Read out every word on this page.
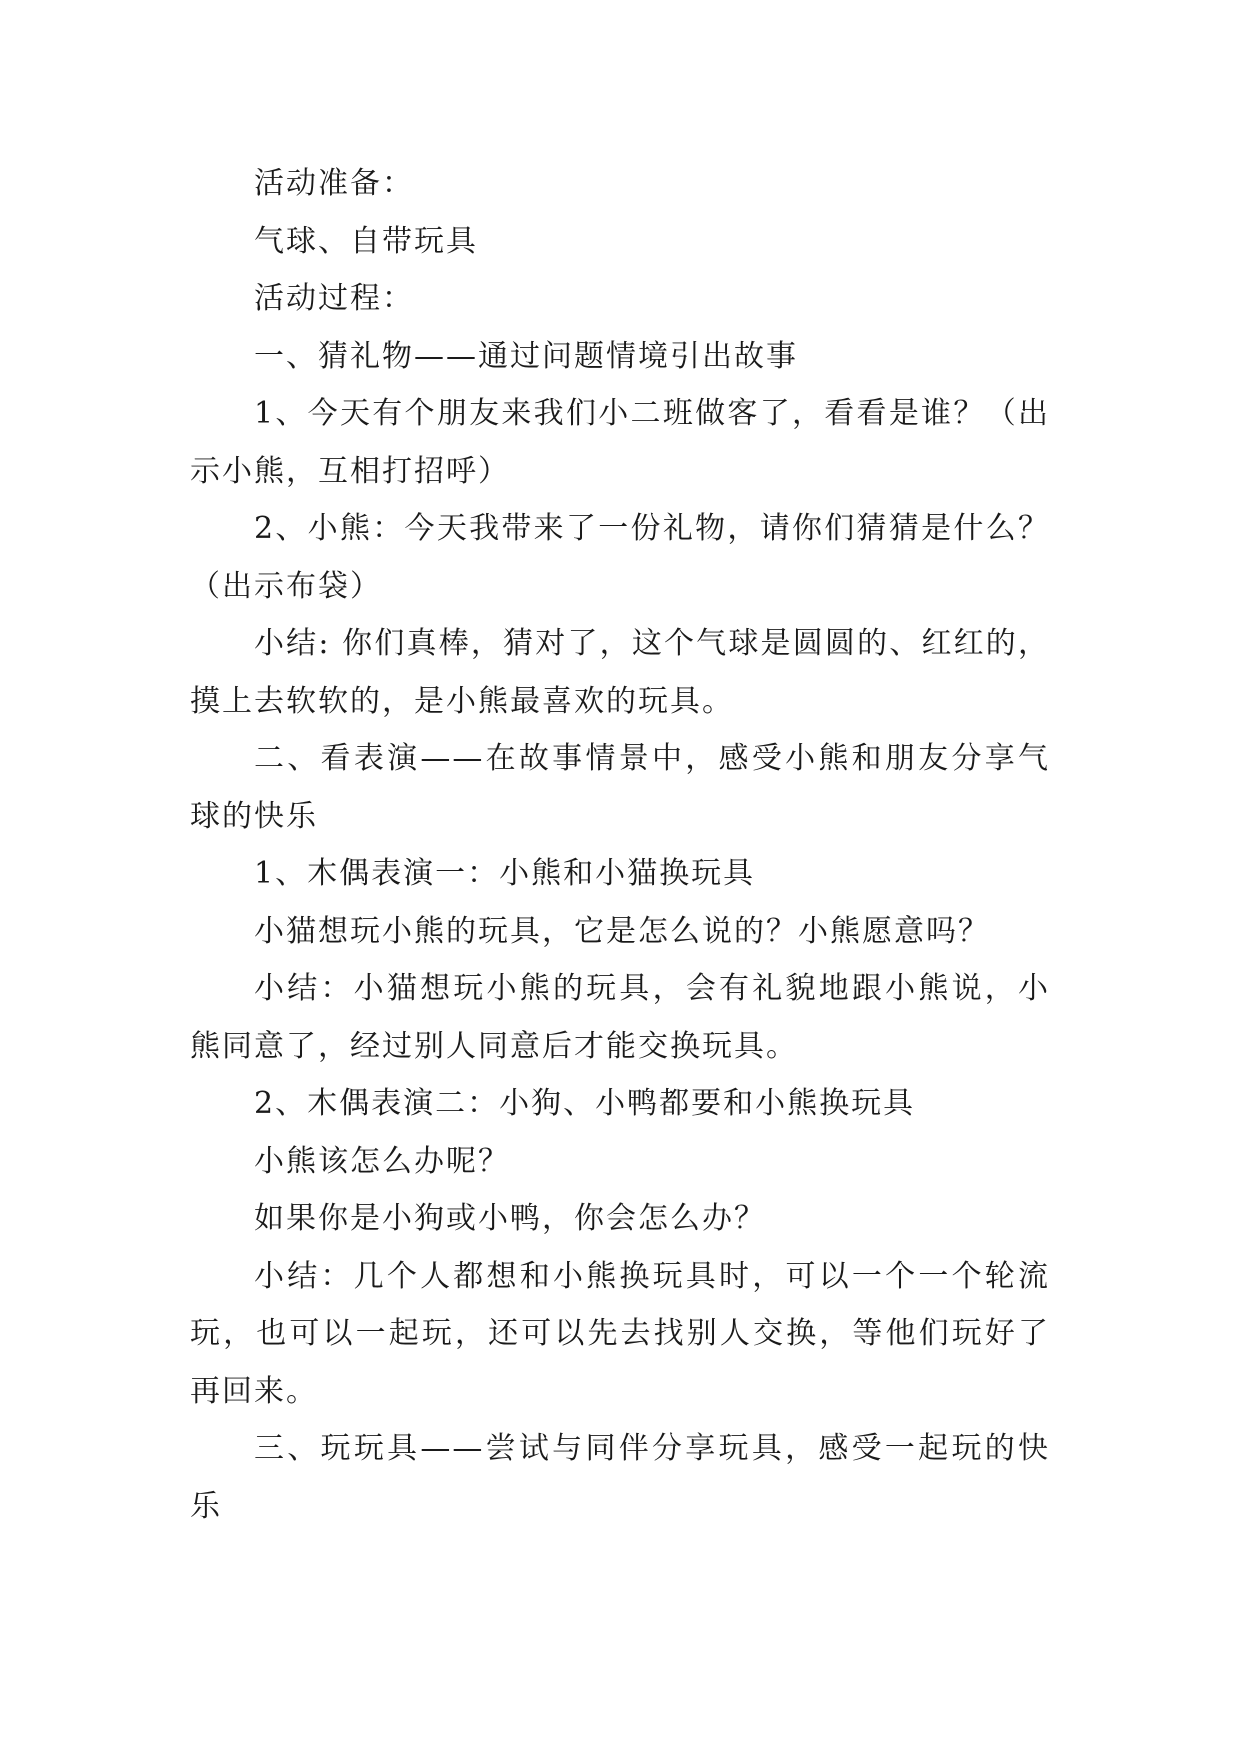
活动准备：

气球、自带玩具

活动过程：

一、猜礼物——通过问题情境引出故事

1、今天有个朋友来我们小二班做客了，看看是谁？（出示小熊，互相打招呼）

2、小熊：今天我带来了一份礼物，请你们猜猜是什么？（出示布袋）

小结: 你们真棒，猜对了，这个气球是圆圆的、红红的，摸上去软软的，是小熊最喜欢的玩具。

二、看表演——在故事情景中，感受小熊和朋友分享气球的快乐

1、木偶表演一：小熊和小猫换玩具

小猫想玩小熊的玩具，它是怎么说的？小熊愿意吗？

小结：小猫想玩小熊的玩具，会有礼貌地跟小熊说，小熊同意了，经过别人同意后才能交换玩具。

2、木偶表演二：小狗、小鸭都要和小熊换玩具

小熊该怎么办呢？

如果你是小狗或小鸭，你会怎么办？

小结：几个人都想和小熊换玩具时，可以一个一个轮流玩，也可以一起玩，还可以先去找别人交换，等他们玩好了再回来。

三、玩玩具——尝试与同伴分享玩具，感受一起玩的快乐
